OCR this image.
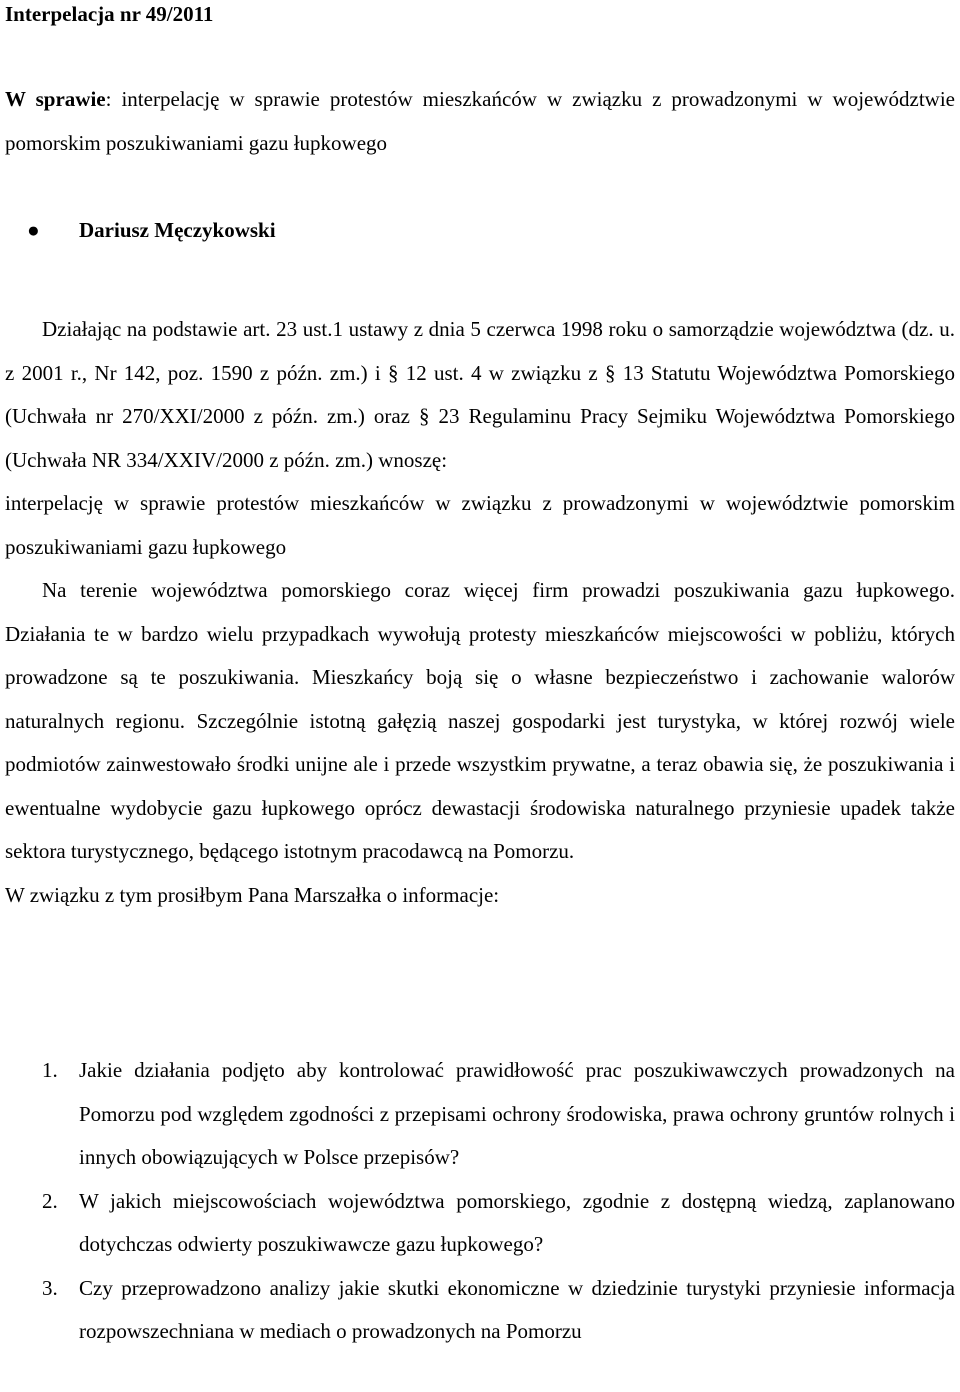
Interpelacja nr 49/2011
W sprawie: interpelację w sprawie protestów mieszkańców w związku z prowadzonymi w województwie pomorskim poszukiwaniami gazu łupkowego
● Dariusz Męczykowski

Działając na podstawie art. 23 ust.1 ustawy z dnia 5 czerwca 1998 roku o samorządzie województwa (dz. u. z 2001 r., Nr 142, poz. 1590 z późn. zm.) i § 12 ust. 4 w związku z § 13 Statutu Województwa Pomorskiego (Uchwała nr 270/XXI/2000 z późn. zm.) oraz § 23 Regulaminu Pracy Sejmiku Województwa Pomorskiego (Uchwała NR 334/XXIV/2000 z późn. zm.) wnoszę:

interpelację w sprawie protestów mieszkańców w związku z prowadzonymi w województwie pomorskim poszukiwaniami gazu łupkowego

Na terenie województwa pomorskiego coraz więcej firm prowadzi poszukiwania gazu łupkowego. Działania te w bardzo wielu przypadkach wywołują protesty mieszkańców miejscowości w pobliżu, których prowadzone są te poszukiwania. Mieszkańcy boją się o własne bezpieczeństwo i zachowanie walorów naturalnych regionu. Szczególnie istotną gałęzią naszej gospodarki jest turystyka, w której rozwój wiele podmiotów zainwestowało środki unijne ale i przede wszystkim prywatne, a teraz obawia się, że poszukiwania i ewentualne wydobycie gazu łupkowego oprócz dewastacji środowiska naturalnego przyniesie upadek także sektora turystycznego, będącego istotnym pracodawcą na Pomorzu.

W związku z tym prosiłbym Pana Marszałka o informacje:

1. Jakie działania podjęto aby kontrolować prawidłowość prac poszukiwawczych prowadzonych na Pomorzu pod względem zgodności z przepisami ochrony środowiska, prawa ochrony gruntów rolnych i innych obowiązujących w Polsce przepisów?
2. W jakich miejscowościach województwa pomorskiego, zgodnie z dostępną wiedzą, zaplanowano dotychczas odwierty poszukiwawcze gazu łupkowego?
3. Czy przeprowadzono analizy jakie skutki ekonomiczne w dziedzinie turystyki przyniesie informacja rozpowszechniana w mediach o prowadzonych na Pomorzu
